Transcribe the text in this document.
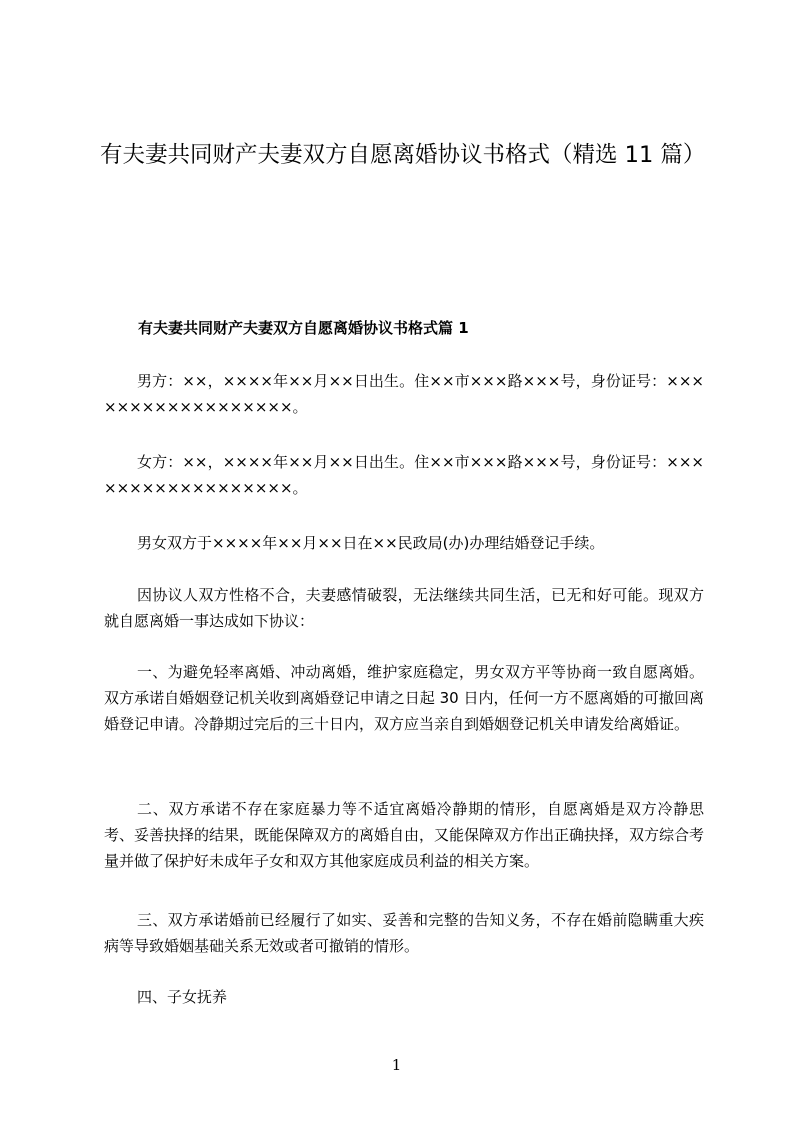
有夫妻共同财产夫妻双方自愿离婚协议书格式（精选 11 篇）
有夫妻共同财产夫妻双方自愿离婚协议书格式篇 1

男方：××，××××年××月××日出生。住××市×××路×××号，身份证号：××××××××××××××××××。

女方：××，××××年××月××日出生。住××市×××路×××号，身份证号：××××××××××××××××××。

男女双方于××××年××月××日在××民政局(办)办理结婚登记手续。

因协议人双方性格不合，夫妻感情破裂，无法继续共同生活，已无和好可能。现双方就自愿离婚一事达成如下协议：

一、为避免轻率离婚、冲动离婚，维护家庭稳定，男女双方平等协商一致自愿离婚。双方承诺自婚姻登记机关收到离婚登记申请之日起 30 日内，任何一方不愿离婚的可撤回离婚登记申请。冷静期过完后的三十日内，双方应当亲自到婚姻登记机关申请发给离婚证。

二、双方承诺不存在家庭暴力等不适宜离婚冷静期的情形，自愿离婚是双方冷静思考、妥善抉择的结果，既能保障双方的离婚自由，又能保障双方作出正确抉择，双方综合考量并做了保护好未成年子女和双方其他家庭成员利益的相关方案。

三、双方承诺婚前已经履行了如实、妥善和完整的告知义务，不存在婚前隐瞒重大疾病等导致婚姻基础关系无效或者可撤销的情形。

四、子女抚养

1
